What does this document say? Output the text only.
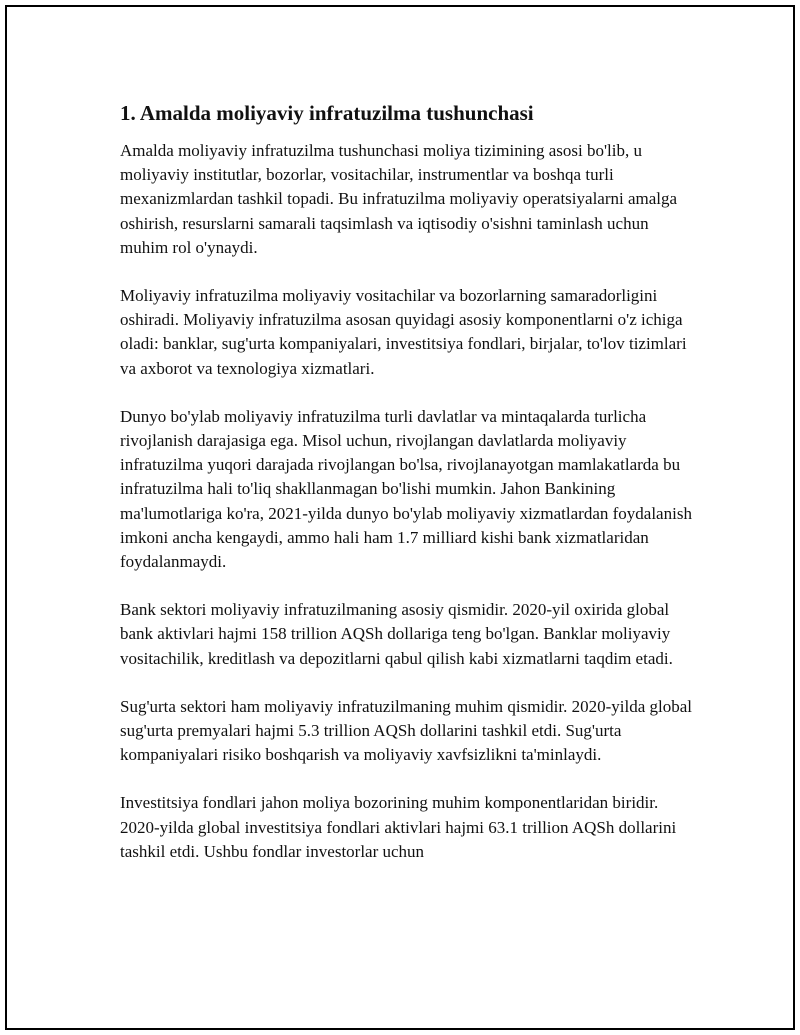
1. Amalda moliyaviy infratuzilma tushunchasi

Amalda moliyaviy infratuzilma tushunchasi moliya tizimining asosi bo'lib, u moliyaviy institutlar, bozorlar, vositachilar, instrumentlar va boshqa turli mexanizmlardan tashkil topadi. Bu infratuzilma moliyaviy operatsiyalarni amalga oshirish, resurslarni samarali taqsimlash va iqtisodiy o'sishni taminlash uchun muhim rol o'ynaydi.

Moliyaviy infratuzilma moliyaviy vositachilar va bozorlarning samaradorligini oshiradi. Moliyaviy infratuzilma asosan quyidagi asosiy komponentlarni o'z ichiga oladi: banklar, sug'urta kompaniyalari, investitsiya fondlari, birjalar, to'lov tizimlari va axborot va texnologiya xizmatlari.

Dunyo bo'ylab moliyaviy infratuzilma turli davlatlar va mintaqalarda turlicha rivojlanish darajasiga ega. Misol uchun, rivojlangan davlatlarda moliyaviy infratuzilma yuqori darajada rivojlangan bo'lsa, rivojlanayotgan mamlakatlarda bu infratuzilma hali to'liq shakllanmagan bo'lishi mumkin. Jahon Bankining ma'lumotlariga ko'ra, 2021-yilda dunyo bo'ylab moliyaviy xizmatlardan foydalanish imkoni ancha kengaydi, ammo hali ham 1.7 milliard kishi bank xizmatlaridan foydalanmaydi.

Bank sektori moliyaviy infratuzilmaning asosiy qismidir. 2020-yil oxirida global bank aktivlari hajmi 158 trillion AQSh dollariga teng bo'lgan. Banklar moliyaviy vositachilik, kreditlash va depozitlarni qabul qilish kabi xizmatlarni taqdim etadi.

Sug'urta sektori ham moliyaviy infratuzilmaning muhim qismidir. 2020-yilda global sug'urta premyalari hajmi 5.3 trillion AQSh dollarini tashkil etdi. Sug'urta kompaniyalari risiko boshqarish va moliyaviy xavfsizlikni ta'minlaydi.

Investitsiya fondlari jahon moliya bozorining muhim komponentlaridan biridir. 2020-yilda global investitsiya fondlari aktivlari hajmi 63.1 trillion AQSh dollarini tashkil etdi. Ushbu fondlar investorlar uchun
